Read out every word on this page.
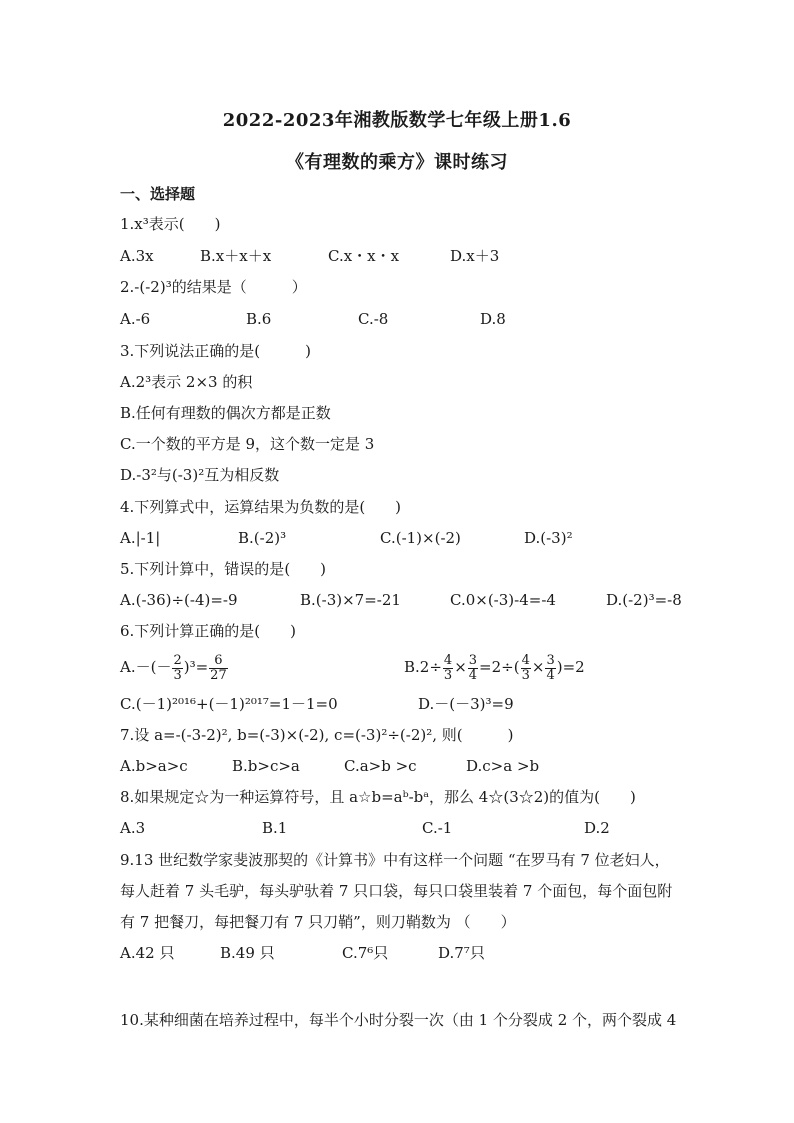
2022-2023年湘教版数学七年级上册1.6
《有理数的乘方》课时练习
一、选择题
1.x³表示(　　)
A.3x	B.x＋x＋x	C.x・x・x	D.x＋3
2.-(-2)³的结果是（　　　）
A.-6	B.6	C.-8	D.8
3.下列说法正确的是(　　　)
A.2³表示 2×3 的积
B.任何有理数的偶次方都是正数
C.一个数的平方是 9，这个数一定是 3
D.-3²与(-3)²互为相反数
4.下列算式中，运算结果为负数的是(　　)
A.|-1|	B.(-2)³	C.(-1)×(-2)	D.(-3)²
5.下列计算中，错误的是(　　)
A.(-36)÷(-4)=-9	B.(-3)×7=-21	C.0×(-3)-4=-4	D.(-2)³=-8
6.下列计算正确的是(　　)
$A.-(- \frac{2}{3} )^3= \frac{6}{27}$	$B.2\div \frac{4}{3} \times \frac{3}{4} =2\div( \frac{4}{3} \times \frac{3}{4} )=2$
C.(－1)²⁰¹⁶+(－1)²⁰¹⁷=1－1=0	D.－(－3)³=9
7.设 a=-(-3-2)², b=(-3)×(-2), c=(-3)²÷(-2)², 则(　　　)
A.b>a>c	B.b>c>a	C.a>b >c	D.c>a >b
8.如果规定☆为一种运算符号，且 a☆b=aᵇ-bᵃ，那么 4☆(3☆2)的值为(　　)
A.3	B.1	C.-1	D.2
9.13 世纪数学家斐波那契的《计算书》中有这样一个问题 “在罗马有 7 位老妇人，
每人赶着 7 头毛驴，每头驴驮着 7 只口袋，每只口袋里装着 7 个面包，每个面包附
有 7 把餐刀，每把餐刀有 7 只刀鞘”，则刀鞘数为 （　　）
A.42 只	B.49 只	C.7⁶只	D.7⁷只
10.某种细菌在培养过程中，每半个小时分裂一次（由 1 个分裂成 2 个，两个裂成 4
